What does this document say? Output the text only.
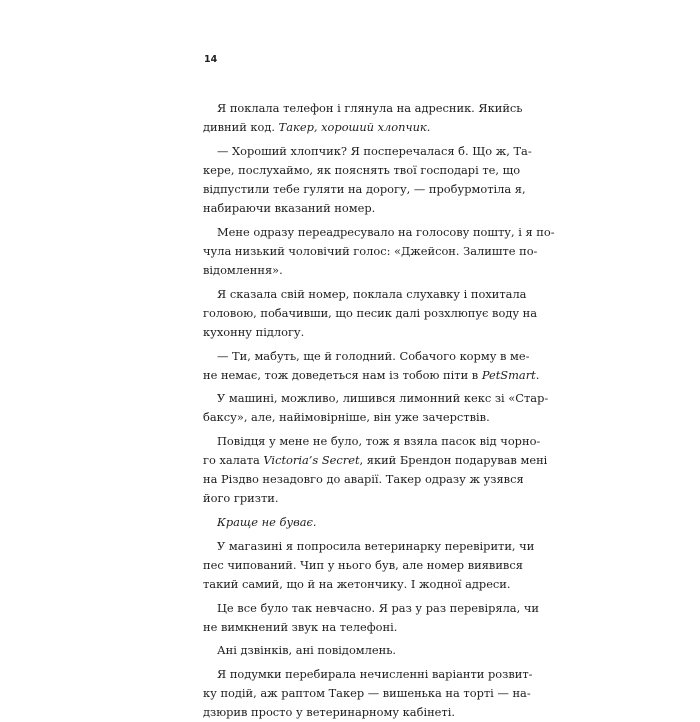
14
Я поклала телефон і глянула на адресник. Якийсь
дивний код. Такер, хороший хлопчик.
— Хороший хлопчик? Я посперечалася б. Що ж, Та-
кере, послухаймо, як пояснять твої господарі те, що
відпустили тебе гуляти на дорогу, — пробурмотіла я,
набираючи вказаний номер.
Мене одразу переадресувало на голосову пошту, і я по-
чула низький чоловічий голос: «Джейсон. Залиште по-
відомлення».
Я сказала свій номер, поклала слухавку і похитала
головою, побачивши, що песик далі розхлюпує воду на
кухонну підлогу.
— Ти, мабуть, ще й голодний. Собачого корму в ме-
не немає, тож доведеться нам із тобою піти в PetSmart.
У машині, можливо, лишився лимонний кекс зі «Стар-
баксу», але, найімовірніше, він уже зачерствів.
Повідця у мене не було, тож я взяла пасок від чорно-
го халата Victoria’s Secret, який Брендон подарував мені
на Різдво незадовго до аварії. Такер одразу ж узявся
його гризти.
Краще не буває.
У магазині я попросила ветеринарку перевірити, чи
пес чипований. Чип у нього був, але номер виявився
такий самий, що й на жетончику. І жодної адреси.
Це все було так невчасно. Я раз у раз перевіряла, чи
не вимкнений звук на телефоні.
Ані дзвінків, ані повідомлень.
Я подумки перебирала нечисленні варіанти розвит-
ку подій, аж раптом Такер — вишенька на торті — на-
дзюрив просто у ветеринарному кабінеті.
